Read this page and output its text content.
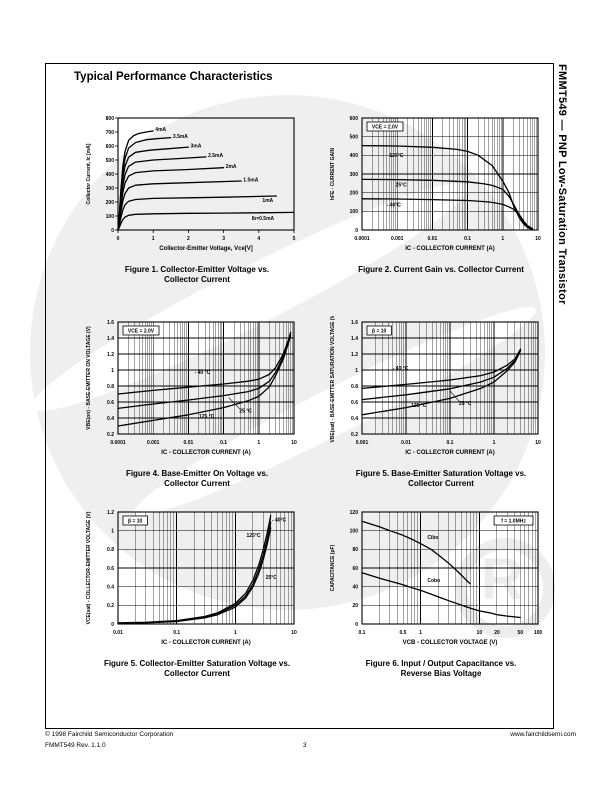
R
Typical Performance Characteristics	FMMT549 — PNP Low-Saturation Transistor
4mA
3.5mA
3mA
2.5mA
2mA
1.5mA
1mA
Ib=0.5mA
0	1	2	3	4	5
0
100
200
300
400
500
600
700
800
Collector-Emitter Voltage, Vce[V]
Collector Current, Ic [mA]
Figure 1. Collector-Emitter Voltage vs.
Collector Current
125°C
25°C
- 40°C
VCE = 2.0V
0.0001	0.001	0.01	0.1	1	10
0
100
200
300
400
500
600
IC - COLLECTOR CURRENT (A)
hFE - CURRENT GAIN
Figure 2. Current Gain vs. Collector Current
- 40 °C
25 °C
125 °C
VCE = 2.0V
0.0001	0.001	0.01	0.1	1	10
0.2
0.4
0.6
0.8
1
1.2
1.4
1.6
IC - COLLECTOR CURRENT (A)
VBE(on) - BASE-EMITTER ON VOLTAGE (V)
Figure 4. Base-Emitter On Voltage vs.
Collector Current
- 40 °C
25 °C
125 °C
β = 10
0.001	0.01	0.1	1	10
0.2
0.4
0.6
0.8
1
1.2
1.4
1.6
IC - COLLECTOR CURRENT (A)
VBE(sat) - BASE-EMITTER SATURATION VOLTAGE (V)
Figure 5. Base-Emitter Saturation Voltage vs.
Collector Current
- 40°C
125°C
25°C
β = 10
0.01	0.1	1	10
0
0.2
0.4
0.6
0.8
1
1.2
IC - COLLECTOR CURRENT (A)
VCE(sat) - COLLECTOR-EMITTER VOLTAGE (V)
Figure 5. Collector-Emitter Saturation Voltage vs.
Collector Current
Cibo
Cobo
f = 1.0MHz
0.1	0.5	1	10 20	50 100
0
20
40
60
80
100
120
VCB - COLLECTOR VOLTAGE (V)
CAPACITANCE (pF)
Figure 6. Input / Output Capacitance vs.
Reverse Bias Voltage
© 1998 Fairchild Semiconductor Corporation	www.fairchildsemi.com
FMMT549 Rev. 1.1.0	3
